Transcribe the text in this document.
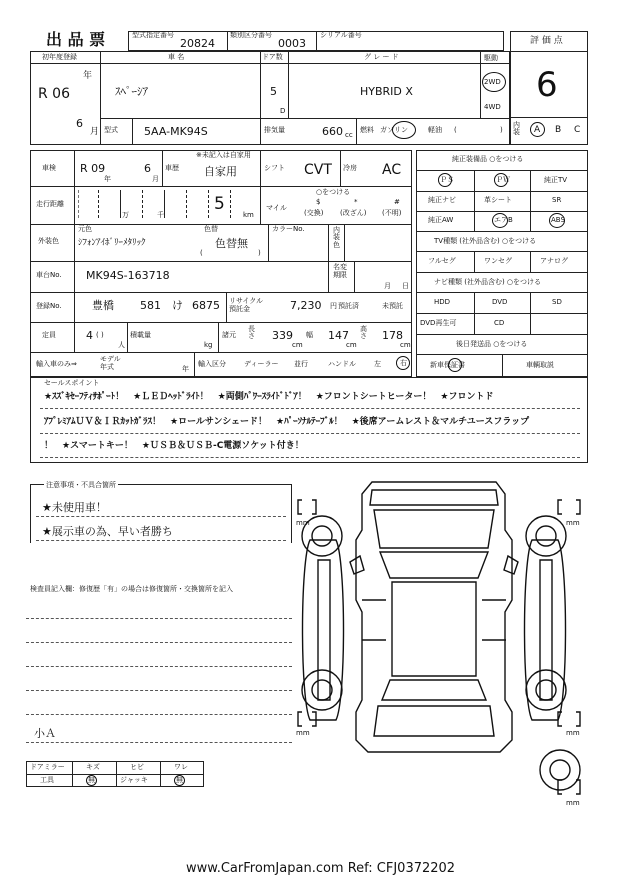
出 品 票	型式指定番号
20824
類別区分番号
0003
シリアル番号
評 価 点
6
内装	A B C
初年度登録
R 06
年
6
月
車 名
ｽﾍﾟｰｼｱ
ドア数
5
D
グ レ ー ド
HYBRID X
駆動
2WD
4WD
型式 5AA-MK94S	排気量	660 cc
燃料 ガソリン	軽油 (	)
車検 R 09
年
6
月
車歴
※未記入は自家用
自家用	シフト CVT 冷房 AC
走行距離
万	千
5
km
○をつける
マイル
$
(交換)
*
(改ざん)
#
(不明)
外装色
元色
ｼﾌｫﾝｱｲﾎﾞﾘｰﾒﾀﾘｯｸ
色替
色替無
(	)
カラーNo.	内装色
車台No. MK94S-163718
名変期限
月 日
登録No.	豊橋 581 け 6875 リサイクル預託金	7,230 円 預託済	未預託
定員	4 ( )
人
積載量
kg
諸元
長さ 339
cm
幅 147
cm
高さ 178
cm
輸入車のみ⇒
モデル年式	年
輸入区分	ディーラー 並行	ハンドル	左	右
純正装備品 ○をつける
ＰＳ	ＰＷ	純正TV
純正ナビ	革シート	SR
純正AW	エアB	ABS
TV種類 (社外品含む) ○をつける
フルセグ	ワンセグ	アナログ
ナビ種類 (社外品含む) ○をつける
HDD	DVD	SD
DVD再生可	CD
後日発送品 ○をつける
新車保証書	車輌取説
セールスポイント
★ｽｽﾞｷｾｰﾌﾃｨｻﾎﾟｰﾄ！　★ＬＥＤﾍｯﾄﾞﾗｲﾄ！　★両側ﾊﾟﾜｰｽﾗｲﾄﾞﾄﾞｱ！　★フロントシートヒーター！　★フロントド
ｱﾌﾟﾚﾐｱﾑＵＶ＆ＩＲｶｯﾄｶﾞﾗｽ！　★ロールサンシェード！　★ﾊﾟｰｿﾅﾙﾃｰﾌﾞﾙ！　★後席アームレスト＆マルチユースフラップ
！　★スマートキー！　★ＵＳＢ＆ＵＳＢ-C電源ソケット付き！
注意事項・不具合箇所
★未使用車！
★展示車の為、早い者勝ち
検査員記入欄：修復歴「有」の場合は修復箇所・交換箇所を記入
小Ａ
ドアミラー	キズ	ヒビ	ワレ
工具	無	ジャッキ	無
mm	mm
mm	mm
mm
www.CarFromJapan.com Ref: CFJ0372202
